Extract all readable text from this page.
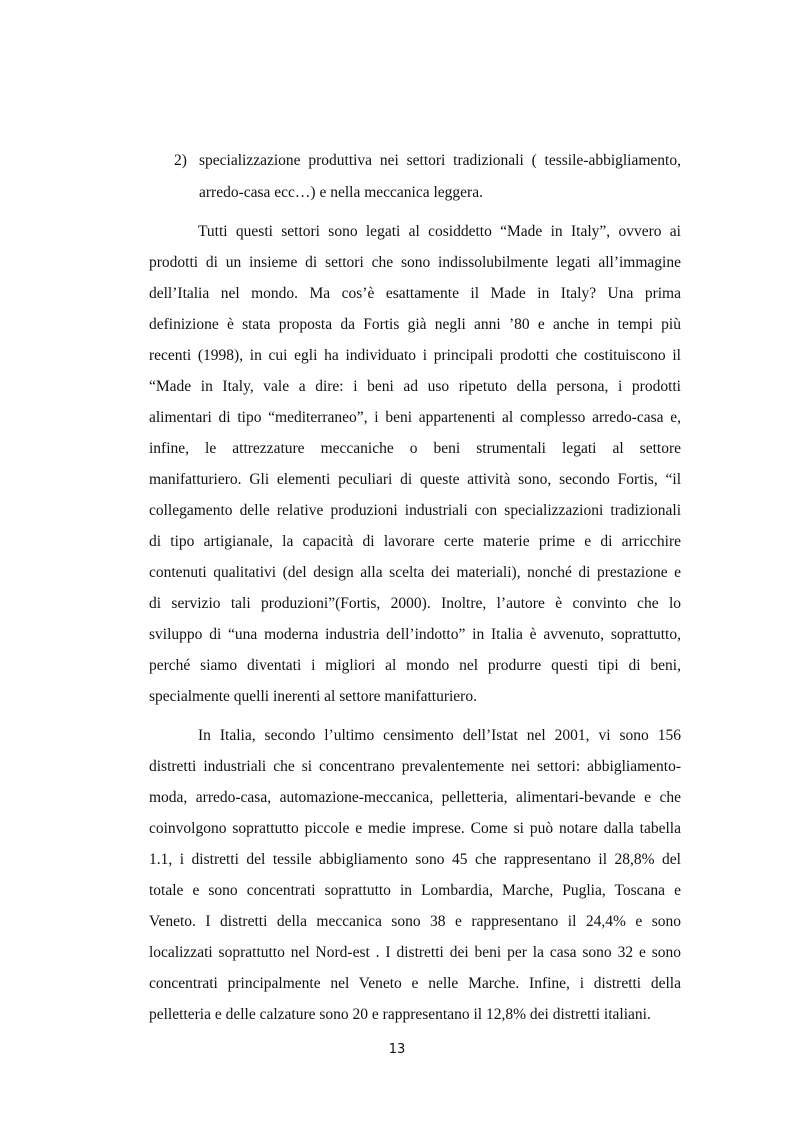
2) specializzazione produttiva nei settori tradizionali ( tessile-abbigliamento,
arredo-casa ecc…) e nella meccanica leggera.
Tutti questi settori sono legati al cosiddetto “Made in Italy”, ovvero ai
prodotti di un insieme di settori che sono indissolubilmente legati all’immagine
dell’Italia nel mondo. Ma cos’è esattamente il Made in Italy? Una prima
definizione è stata proposta da Fortis già negli anni ’80 e anche in tempi più
recenti (1998), in cui egli ha individuato i principali prodotti che costituiscono il
“Made in Italy, vale a dire: i beni ad uso ripetuto della persona, i prodotti
alimentari di tipo “mediterraneo”, i beni appartenenti al complesso arredo-casa e,
infine, le attrezzature meccaniche o beni strumentali legati al settore
manifatturiero. Gli elementi peculiari di queste attività sono, secondo Fortis, “il
collegamento delle relative produzioni industriali con specializzazioni tradizionali
di tipo artigianale, la capacità di lavorare certe materie prime e di arricchire
contenuti qualitativi (del design alla scelta dei materiali), nonché di prestazione e
di servizio tali produzioni”(Fortis, 2000). Inoltre, l’autore è convinto che lo
sviluppo di “una moderna industria dell’indotto” in Italia è avvenuto, soprattutto,
perché siamo diventati i migliori al mondo nel produrre questi tipi di beni,
specialmente quelli inerenti al settore manifatturiero.
In Italia, secondo l’ultimo censimento dell’Istat nel 2001, vi sono 156
distretti industriali che si concentrano prevalentemente nei settori: abbigliamento-
moda, arredo-casa, automazione-meccanica, pelletteria, alimentari-bevande e che
coinvolgono soprattutto piccole e medie imprese. Come si può notare dalla tabella
1.1, i distretti del tessile abbigliamento sono 45 che rappresentano il 28,8% del
totale e sono concentrati soprattutto in Lombardia, Marche, Puglia, Toscana e
Veneto. I distretti della meccanica sono 38 e rappresentano il 24,4% e sono
localizzati soprattutto nel Nord-est . I distretti dei beni per la casa sono 32 e sono
concentrati principalmente nel Veneto e nelle Marche. Infine, i distretti della
pelletteria e delle calzature sono 20 e rappresentano il 12,8% dei distretti italiani.
13
